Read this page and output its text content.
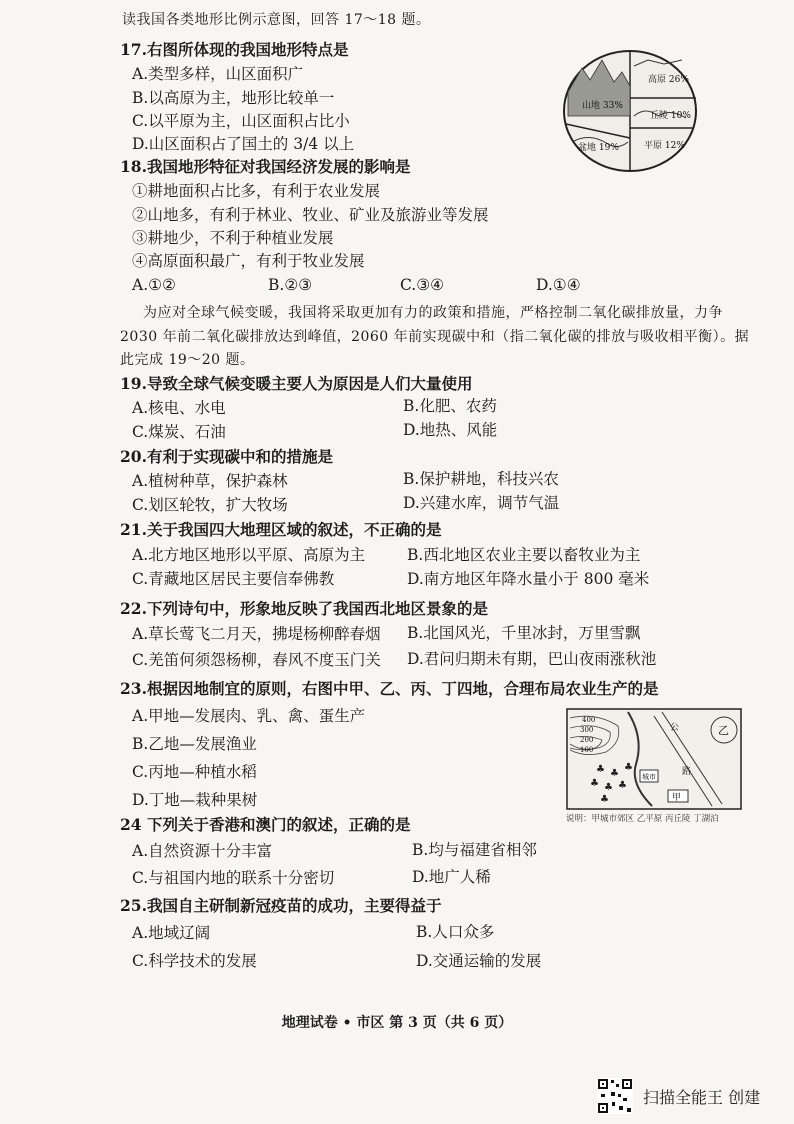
读我国各类地形比例示意图，回答 17～18 题。
17.右图所体现的我国地形特点是
A.类型多样，山区面积广
B.以高原为主，地形比较单一
C.以平原为主，山区面积占比小
D.山区面积占了国土的 3/4 以上
18.我国地形特征对我国经济发展的影响是
①耕地面积占比多，有利于农业发展
②山地多，有利于林业、牧业、矿业及旅游业等发展
③耕地少，不利于种植业发展
④高原面积最广，有利于牧业发展
A.①②	B.②③	C.③④	D.①④
为应对全球气候变暖，我国将采取更加有力的政策和措施，严格控制二氧化碳排放量，力争
2030 年前二氧化碳排放达到峰值，2060 年前实现碳中和（指二氧化碳的排放与吸收相平衡）。据
此完成 19～20 题。
19.导致全球气候变暖主要人为原因是人们大量使用
A.核电、水电	B.化肥、农药
C.煤炭、石油	D.地热、风能
20.有利于实现碳中和的措施是
A.植树种草，保护森林	B.保护耕地，科技兴农
C.划区轮牧，扩大牧场	D.兴建水库，调节气温
21.关于我国四大地理区域的叙述，不正确的是
A.北方地区地形以平原、高原为主	B.西北地区农业主要以畜牧业为主
C.青藏地区居民主要信奉佛教	D.南方地区年降水量小于 800 毫米
22.下列诗句中，形象地反映了我国西北地区景象的是
A.草长莺飞二月天，拂堤杨柳醉春烟 B.北国风光，千里冰封，万里雪飘
C.羌笛何须怨杨柳，春风不度玉门关 D.君问归期未有期，巴山夜雨涨秋池
23.根据因地制宜的原则，右图中甲、乙、丙、丁四地，合理布局农业生产的是
A.甲地—发展肉、乳、禽、蛋生产
B.乙地—发展渔业
C.丙地—种植水稻
D.丁地—栽种果树
24 下列关于香港和澳门的叙述，正确的是
A.自然资源十分丰富	B.均与福建省相邻
C.与祖国内地的联系十分密切	D.地广人稀
25.我国自主研制新冠疫苗的成功，主要得益于
A.地域辽阔	B.人口众多
C.科学技术的发展	D.交通运输的发展
山地 33%
高原 26%
盆地 19%
丘陵 10%
平原 12%
400
300
200
100
路
公	乙
甲
城市
♣ ♣
♣
♣ ♣ ♣
♣
说明：甲城市郊区 乙平原 丙丘陵 丁湖泊
地理试卷 • 市区 第 3 页（共 6 页）
扫描全能王 创建
